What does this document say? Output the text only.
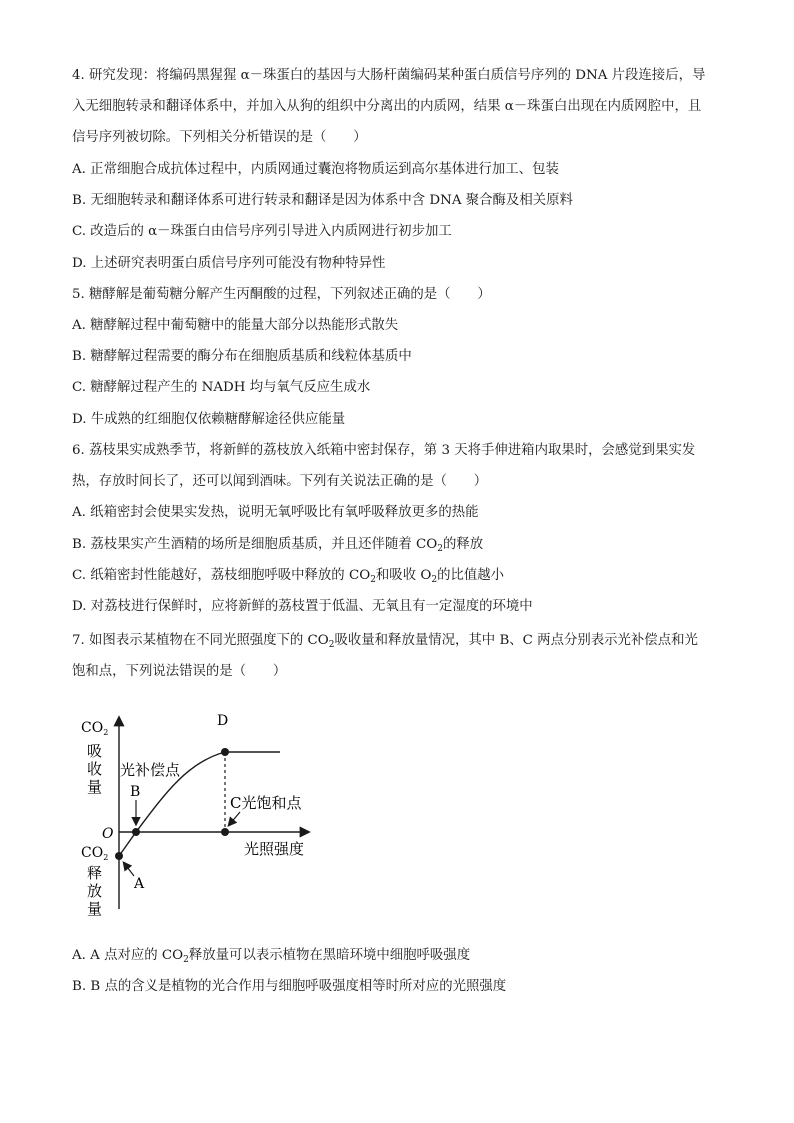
4. 研究发现：将编码黑猩猩 α－珠蛋白的基因与大肠杆菌编码某种蛋白质信号序列的 DNA 片段连接后，导
入无细胞转录和翻译体系中，并加入从狗的组织中分离出的内质网，结果 α－珠蛋白出现在内质网腔中，且
信号序列被切除。下列相关分析错误的是（　　）
A. 正常细胞合成抗体过程中，内质网通过囊泡将物质运到高尔基体进行加工、包装
B. 无细胞转录和翻译体系可进行转录和翻译是因为体系中含 DNA 聚合酶及相关原料
C. 改造后的 α－珠蛋白由信号序列引导进入内质网进行初步加工
D. 上述研究表明蛋白质信号序列可能没有物种特异性
5. 糖酵解是葡萄糖分解产生丙酮酸的过程，下列叙述正确的是（　　）
A. 糖酵解过程中葡萄糖中的能量大部分以热能形式散失
B. 糖酵解过程需要的酶分布在细胞质基质和线粒体基质中
C. 糖酵解过程产生的 NADH 均与氧气反应生成水
D. 牛成熟的红细胞仅依赖糖酵解途径供应能量
6. 荔枝果实成熟季节，将新鲜的荔枝放入纸箱中密封保存，第 3 天将手伸进箱内取果时，会感觉到果实发
热，存放时间长了，还可以闻到酒味。下列有关说法正确的是（　　）
A. 纸箱密封会使果实发热，说明无氧呼吸比有氧呼吸释放更多的热能
B. 荔枝果实产生酒精的场所是细胞质基质，并且还伴随着 $CO_2$的释放
C. 纸箱密封性能越好，荔枝细胞呼吸中释放的 $CO_2$和吸收 $O_2$的比值越小
D. 对荔枝进行保鲜时，应将新鲜的荔枝置于低温、无氧且有一定湿度的环境中
7. 如图表示某植物在不同光照强度下的 $CO_2$吸收量和释放量情况，其中 B、C 两点分别表示光补偿点和光
饱和点，下列说法错误的是（　　）
A. A 点对应的 $CO_2$释放量可以表示植物在黑暗环境中细胞呼吸强度
B. B 点的含义是植物的光合作用与细胞呼吸强度相等时所对应的光照强度
$CO_2$
吸
收
量
$CO_2$
释
放
量
O
光照强度
D
B
光补偿点
C光饱和点
A
